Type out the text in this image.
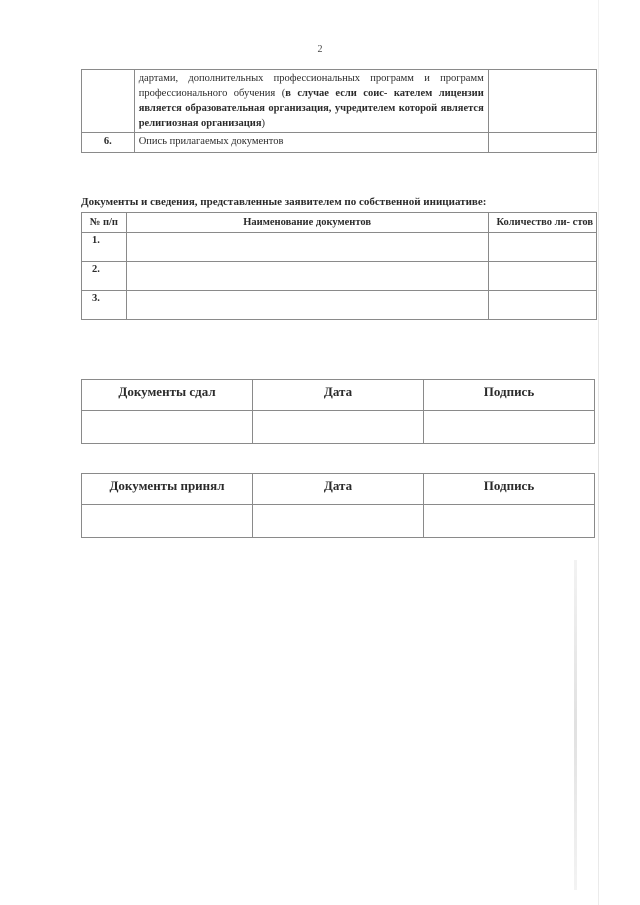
2
	дартами, дополнительных профессиональных программ и программ профессионального обучения (в случае если соис- кателем лицензии является образовательная организация, учредителем которой является религиозная организация)	
6.	Опись прилагаемых документов	
Документы и сведения, представленные заявителем по собственной инициативе:
№ п/п	Наименование документов	Количество ли- стов
1.		
2.		
3.		
Документы сдал	Дата	Подпись

Документы принял	Дата	Подпись
